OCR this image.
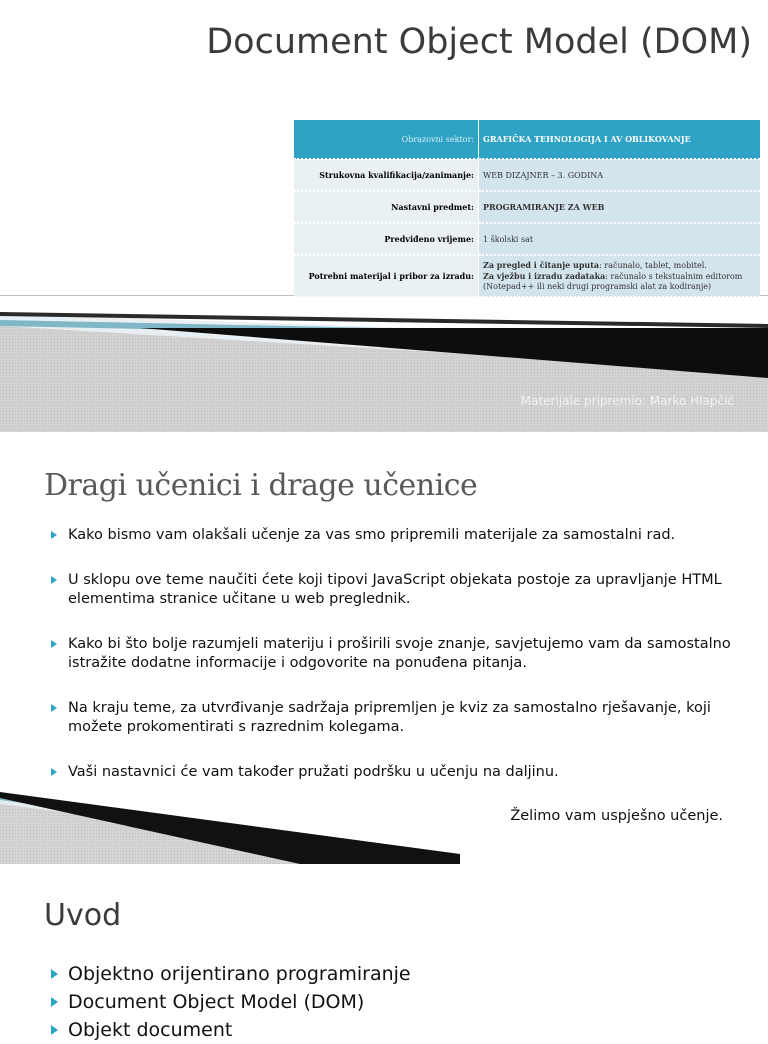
Document Object Model (DOM)
Obrazovni sektor:	GRAFIČKA TEHNOLOGIJA I AV OBLIKOVANJE
Strukovna kvalifikacija/zanimanje:	WEB DIZAJNER – 3. GODINA
Nastavni predmet:	PROGRAMIRANJE ZA WEB
Predviđeno vrijeme:	1 školski sat
Potrebni materijal i pribor za izradu:	Za pregled i čitanje uputa: računalo, tablet, mobitel.
Za vježbu i izradu zadataka: računalo s tekstualnim editorom
(Notepad++ ili neki drugi programski alat za kodiranje)
Materijale pripremio: Marko Hlapčić
Dragi učenici i drage učenice
Kako bismo vam olakšali učenje za vas smo pripremili materijale za samostalni rad.
U sklopu ove teme naučiti ćete koji tipovi JavaScript objekata postoje za upravljanje HTML elementima stranice učitane u web preglednik.
Kako bi što bolje razumjeli materiju i proširili svoje znanje, savjetujemo vam da samostalno istražite dodatne informacije i odgovorite na ponuđena pitanja.
Na kraju teme, za utvrđivanje sadržaja pripremljen je kviz za samostalno rješavanje, koji možete prokomentirati s razrednim kolegama.
Vaši nastavnici će vam također pružati podršku u učenju na daljinu.
Želimo vam uspješno učenje.
Uvod
Objektno orijentirano programiranje
Document Object Model (DOM)
Objekt document
